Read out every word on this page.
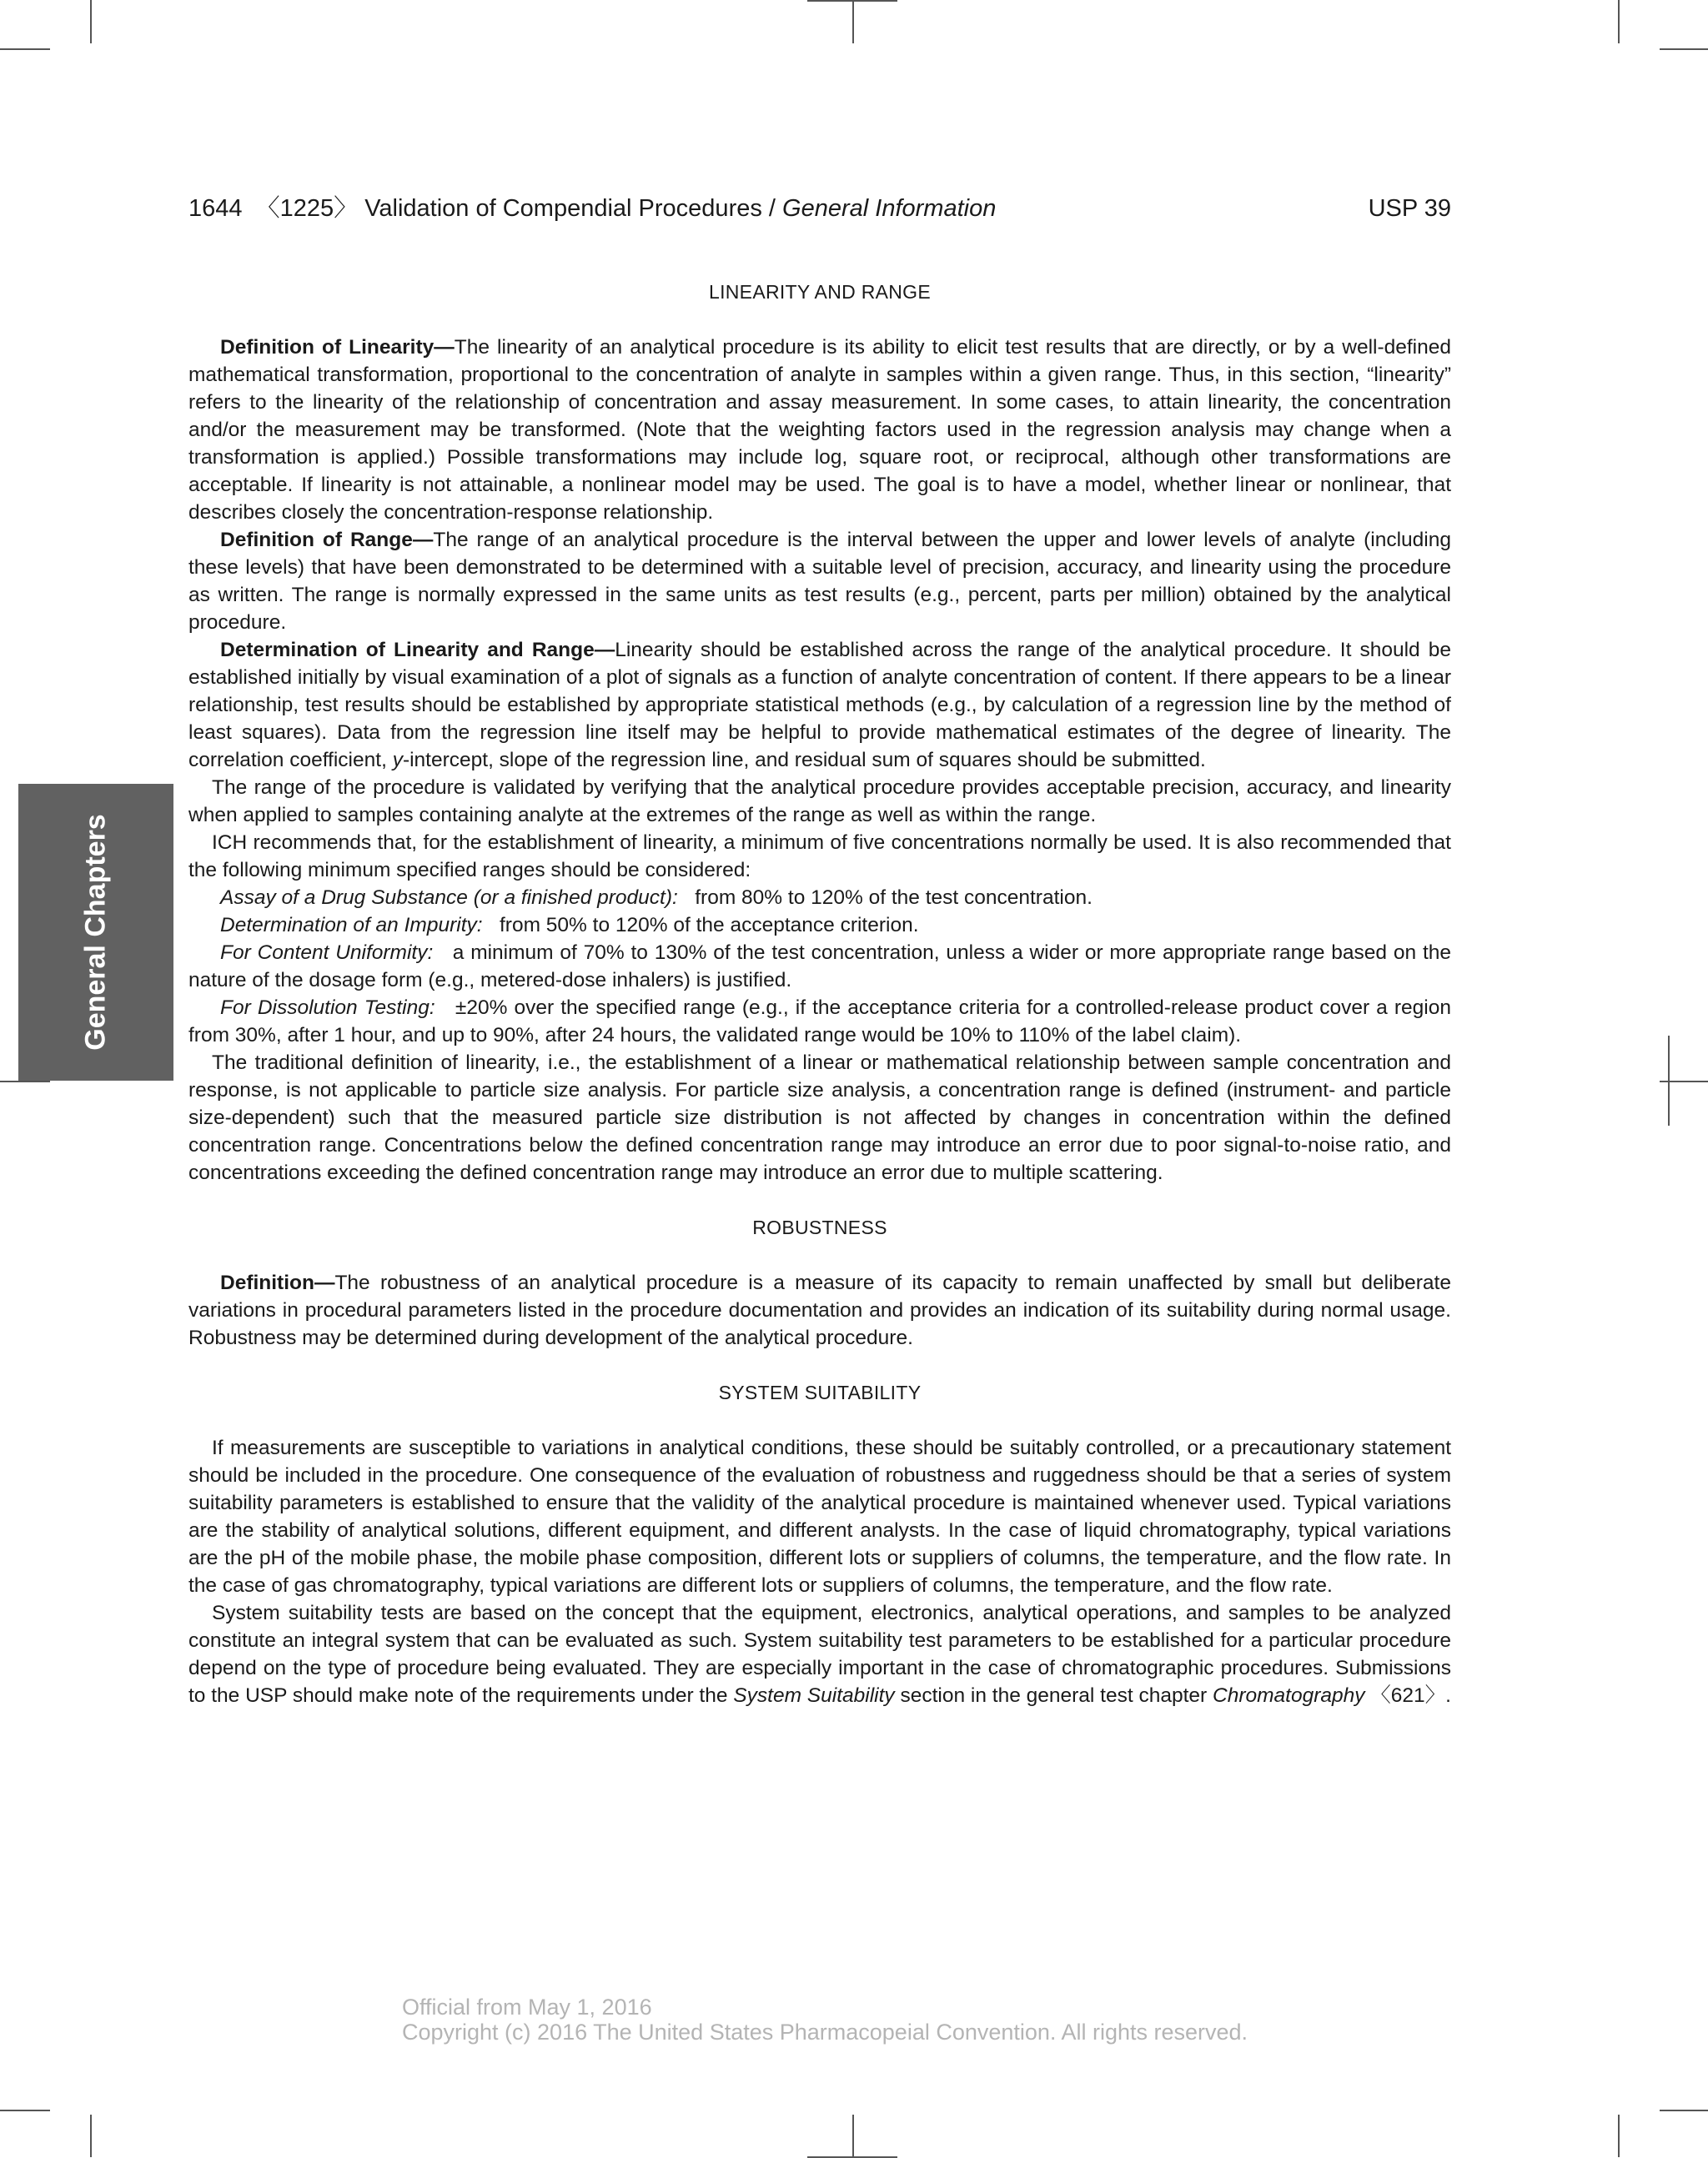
1644 〈1225〉 Validation of Compendial Procedures / General Information	USP 39
General Chapters
LINEARITY AND RANGE

Definition of Linearity—The linearity of an analytical procedure is its ability to elicit test results that are directly, or by a well-defined mathematical transformation, proportional to the concentration of analyte in samples within a given range. Thus, in this section, “linearity” refers to the linearity of the relationship of concentration and assay measurement. In some cases, to attain linearity, the concentration and/or the measurement may be transformed. (Note that the weighting factors used in the regression analysis may change when a transformation is applied.) Possible transformations may include log, square root, or reciprocal, although other transformations are acceptable. If linearity is not attainable, a nonlinear model may be used. The goal is to have a model, whether linear or nonlinear, that describes closely the concentration-response relationship.

Definition of Range—The range of an analytical procedure is the interval between the upper and lower levels of analyte (including these levels) that have been demonstrated to be determined with a suitable level of precision, accuracy, and linearity using the procedure as written. The range is normally expressed in the same units as test results (e.g., percent, parts per million) obtained by the analytical procedure.

Determination of Linearity and Range—Linearity should be established across the range of the analytical procedure. It should be established initially by visual examination of a plot of signals as a function of analyte concentration of content. If there appears to be a linear relationship, test results should be established by appropriate statistical methods (e.g., by calculation of a regression line by the method of least squares). Data from the regression line itself may be helpful to provide mathematical estimates of the degree of linearity. The correlation coefficient, y-intercept, slope of the regression line, and residual sum of squares should be submitted.

The range of the procedure is validated by verifying that the analytical procedure provides acceptable precision, accuracy, and linearity when applied to samples containing analyte at the extremes of the range as well as within the range.

ICH recommends that, for the establishment of linearity, a minimum of five concentrations normally be used. It is also recommended that the following minimum specified ranges should be considered:

Assay of a Drug Substance (or a finished product): from 80% to 120% of the test concentration.

Determination of an Impurity: from 50% to 120% of the acceptance criterion.

For Content Uniformity: a minimum of 70% to 130% of the test concentration, unless a wider or more appropriate range based on the nature of the dosage form (e.g., metered-dose inhalers) is justified.

For Dissolution Testing: ±20% over the specified range (e.g., if the acceptance criteria for a controlled-release product cover a region from 30%, after 1 hour, and up to 90%, after 24 hours, the validated range would be 10% to 110% of the label claim).

The traditional definition of linearity, i.e., the establishment of a linear or mathematical relationship between sample concentration and response, is not applicable to particle size analysis. For particle size analysis, a concentration range is defined (instrument- and particle size-dependent) such that the measured particle size distribution is not affected by changes in concentration within the defined concentration range. Concentrations below the defined concentration range may introduce an error due to poor signal-to-noise ratio, and concentrations exceeding the defined concentration range may introduce an error due to multiple scattering.

ROBUSTNESS

Definition—The robustness of an analytical procedure is a measure of its capacity to remain unaffected by small but deliberate variations in procedural parameters listed in the procedure documentation and provides an indication of its suitability during normal usage. Robustness may be determined during development of the analytical procedure.

SYSTEM SUITABILITY

If measurements are susceptible to variations in analytical conditions, these should be suitably controlled, or a precautionary statement should be included in the procedure. One consequence of the evaluation of robustness and ruggedness should be that a series of system suitability parameters is established to ensure that the validity of the analytical procedure is maintained whenever used. Typical variations are the stability of analytical solutions, different equipment, and different analysts. In the case of liquid chromatography, typical variations are the pH of the mobile phase, the mobile phase composition, different lots or suppliers of columns, the temperature, and the flow rate. In the case of gas chromatography, typical variations are different lots or suppliers of columns, the temperature, and the flow rate.

System suitability tests are based on the concept that the equipment, electronics, analytical operations, and samples to be analyzed constitute an integral system that can be evaluated as such. System suitability test parameters to be established for a particular procedure depend on the type of procedure being evaluated. They are especially important in the case of chromatographic procedures. Submissions to the USP should make note of the requirements under the System Suitability section in the general test chapter Chromatography 〈621〉.

Official from May 1, 2016
Copyright (c) 2016 The United States Pharmacopeial Convention. All rights reserved.
